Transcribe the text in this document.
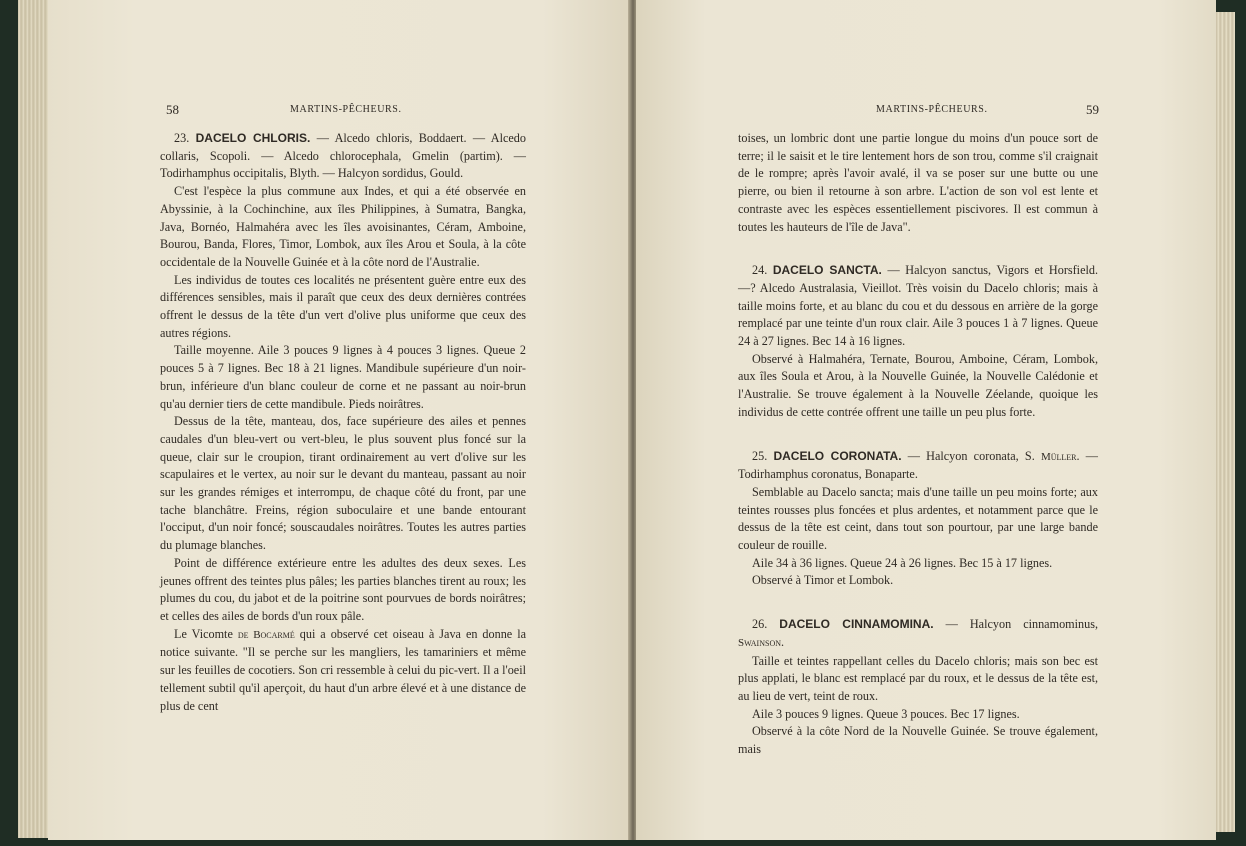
58	MARTINS-PÊCHEURS.

23. DACELO CHLORIS. — Alcedo chloris, Boddaert. — Alcedo collaris, Scopoli. — Alcedo chlorocephala, Gmelin (partim). — Todirhamphus occipitalis, Blyth. — Halcyon sordidus, Gould.

C'est l'espèce la plus commune aux Indes, et qui a été observée en Abyssinie, à la Cochinchine, aux îles Philippines, à Sumatra, Bangka, Java, Bornéo, Halmahéra avec les îles avoisinantes, Céram, Amboine, Bourou, Banda, Flores, Timor, Lombok, aux îles Arou et Soula, à la côte occidentale de la Nouvelle Guinée et à la côte nord de l'Australie.

Les individus de toutes ces localités ne présentent guère entre eux des différences sensibles, mais il paraît que ceux des deux dernières contrées offrent le dessus de la tête d'un vert d'olive plus uniforme que ceux des autres régions.

Taille moyenne. Aile 3 pouces 9 lignes à 4 pouces 3 lignes. Queue 2 pouces 5 à 7 lignes. Bec 18 à 21 lignes. Mandibule supérieure d'un noir-brun, inférieure d'un blanc couleur de corne et ne passant au noir-brun qu'au dernier tiers de cette mandibule. Pieds noirâtres.

Dessus de la tête, manteau, dos, face supérieure des ailes et pennes caudales d'un bleu-vert ou vert-bleu, le plus souvent plus foncé sur la queue, clair sur le croupion, tirant ordinairement au vert d'olive sur les scapulaires et le vertex, au noir sur le devant du manteau, passant au noir sur les grandes rémiges et interrompu, de chaque côté du front, par une tache blanchâtre. Freins, région suboculaire et une bande entourant l'occiput, d'un noir foncé; souscaudales noirâtres. Toutes les autres parties du plumage blanches.

Point de différence extérieure entre les adultes des deux sexes. Les jeunes offrent des teintes plus pâles; les parties blanches tirent au roux; les plumes du cou, du jabot et de la poitrine sont pourvues de bords noirâtres; et celles des ailes de bords d'un roux pâle.

Le Vicomte de Bocarmé qui a observé cet oiseau à Java en donne la notice suivante. "Il se perche sur les mangliers, les tamariniers et même sur les feuilles de cocotiers. Son cri ressemble à celui du pic-vert. Il a l'oeil tellement subtil qu'il aperçoit, du haut d'un arbre élevé et à une distance de plus de cent

MARTINS-PÊCHEURS.	59

toises, un lombric dont une partie longue du moins d'un pouce sort de terre; il le saisit et le tire lentement hors de son trou, comme s'il craignait de le rompre; après l'avoir avalé, il va se poser sur une butte ou une pierre, ou bien il retourne à son arbre. L'action de son vol est lente et contraste avec les espèces essentiellement piscivores. Il est commun à toutes les hauteurs de l'île de Java".

24. DACELO SANCTA. — Halcyon sanctus, Vigors et Horsfield. —? Alcedo Australasia, Vieillot. Très voisin du Dacelo chloris; mais à taille moins forte, et au blanc du cou et du dessous en arrière de la gorge remplacé par une teinte d'un roux clair. Aile 3 pouces 1 à 7 lignes. Queue 24 à 27 lignes. Bec 14 à 16 lignes.

Observé à Halmahéra, Ternate, Bourou, Amboine, Céram, Lombok, aux îles Soula et Arou, à la Nouvelle Guinée, la Nouvelle Calédonie et l'Australie. Se trouve également à la Nouvelle Zéelande, quoique les individus de cette contrée offrent une taille un peu plus forte.

25. DACELO CORONATA. — Halcyon coronata, S. Müller. — Todirhamphus coronatus, Bonaparte.

Semblable au Dacelo sancta; mais d'une taille un peu moins forte; aux teintes rousses plus foncées et plus ardentes, et notamment parce que le dessus de la tête est ceint, dans tout son pourtour, par une large bande couleur de rouille.

Aile 34 à 36 lignes. Queue 24 à 26 lignes. Bec 15 à 17 lignes.

Observé à Timor et Lombok.

26. DACELO CINNAMOMINA. — Halcyon cinnamominus, Swainson.

Taille et teintes rappellant celles du Dacelo chloris; mais son bec est plus applati, le blanc est remplacé par du roux, et le dessus de la tête est, au lieu de vert, teint de roux.

Aile 3 pouces 9 lignes. Queue 3 pouces. Bec 17 lignes.

Observé à la côte Nord de la Nouvelle Guinée. Se trouve également, mais
